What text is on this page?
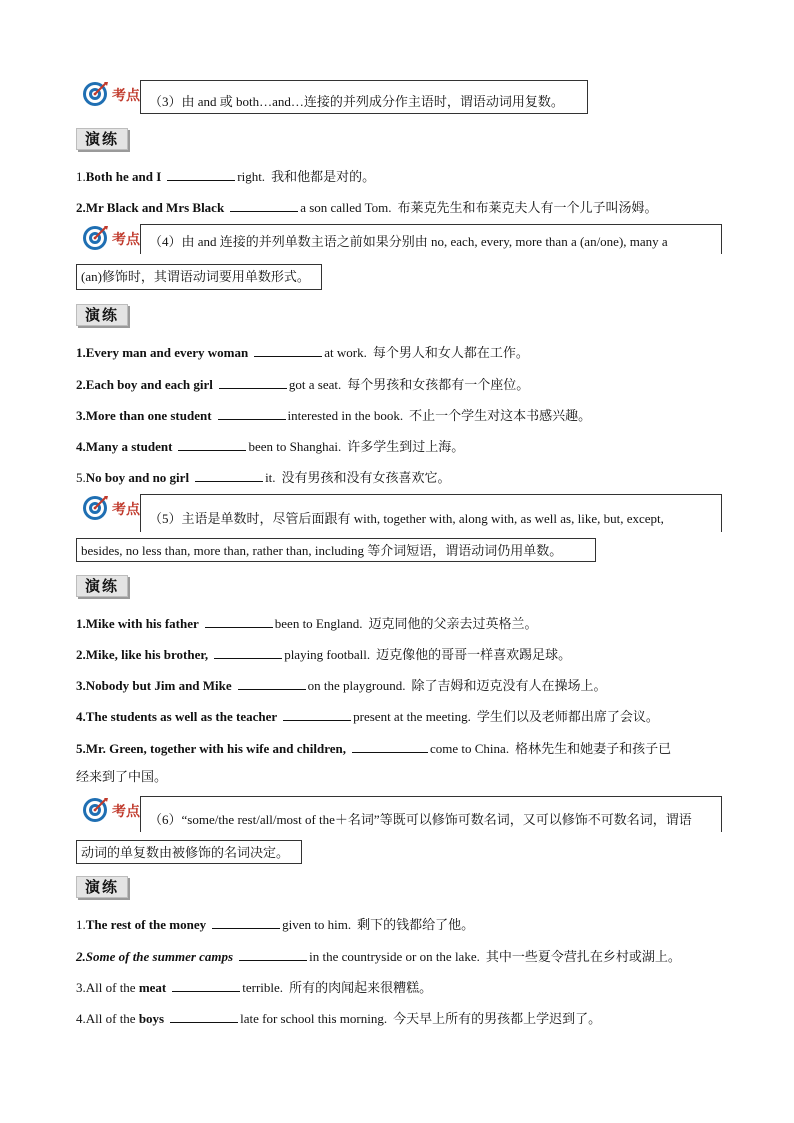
考点 （3）由 and 或 both…and…连接的并列成分作主语时，谓语动词用复数。
演练
1.Both he and I	right. 我和他都是对的。
2.Mr Black and Mrs Black	a son called Tom. 布莱克先生和布莱克夫人有一个儿子叫汤姆。
考点 （4）由 and 连接的并列单数主语之前如果分别由 no, each, every, more than a (an/one), many a
(an)修饰时，其谓语动词要用单数形式。
演练
1.Every man and every woman	at work. 每个男人和女人都在工作。
2.Each boy and each girl	got a seat. 每个男孩和女孩都有一个座位。
3.More than one student	interested in the book. 不止一个学生对这本书感兴趣。
4.Many a student	been to Shanghai. 许多学生到过上海。
5.No boy and no girl	it. 没有男孩和没有女孩喜欢它。
考点
（5）主语是单数时，尽管后面跟有 with, together with, along with, as well as, like, but, except,
besides, no less than, more than, rather than, including 等介词短语，谓语动词仍用单数。
演练
1.Mike with his father	been to England. 迈克同他的父亲去过英格兰。
2.Mike, like his brother,	playing football. 迈克像他的哥哥一样喜欢踢足球。
3.Nobody but Jim and Mike	on the playground. 除了吉姆和迈克没有人在操场上。
4.The students as well as the teacher	present at the meeting. 学生们以及老师都出席了会议。
5.Mr. Green, together with his wife and children,	come to China. 格林先生和她妻子和孩子已
经来到了中国。
考点 （6）“some/the rest/all/most of the＋名词”等既可以修饰可数名词，又可以修饰不可数名词，谓语
动词的单复数由被修饰的名词决定。
演练
1.The rest of the money	given to him. 剩下的钱都给了他。
2.Some of the summer camps	in the countryside or on the lake. 其中一些夏令营扎在乡村或湖上。
3.All of the meat	terrible. 所有的肉闻起来很糟糕。
4.All of the boys	late for school this morning. 今天早上所有的男孩都上学迟到了。
